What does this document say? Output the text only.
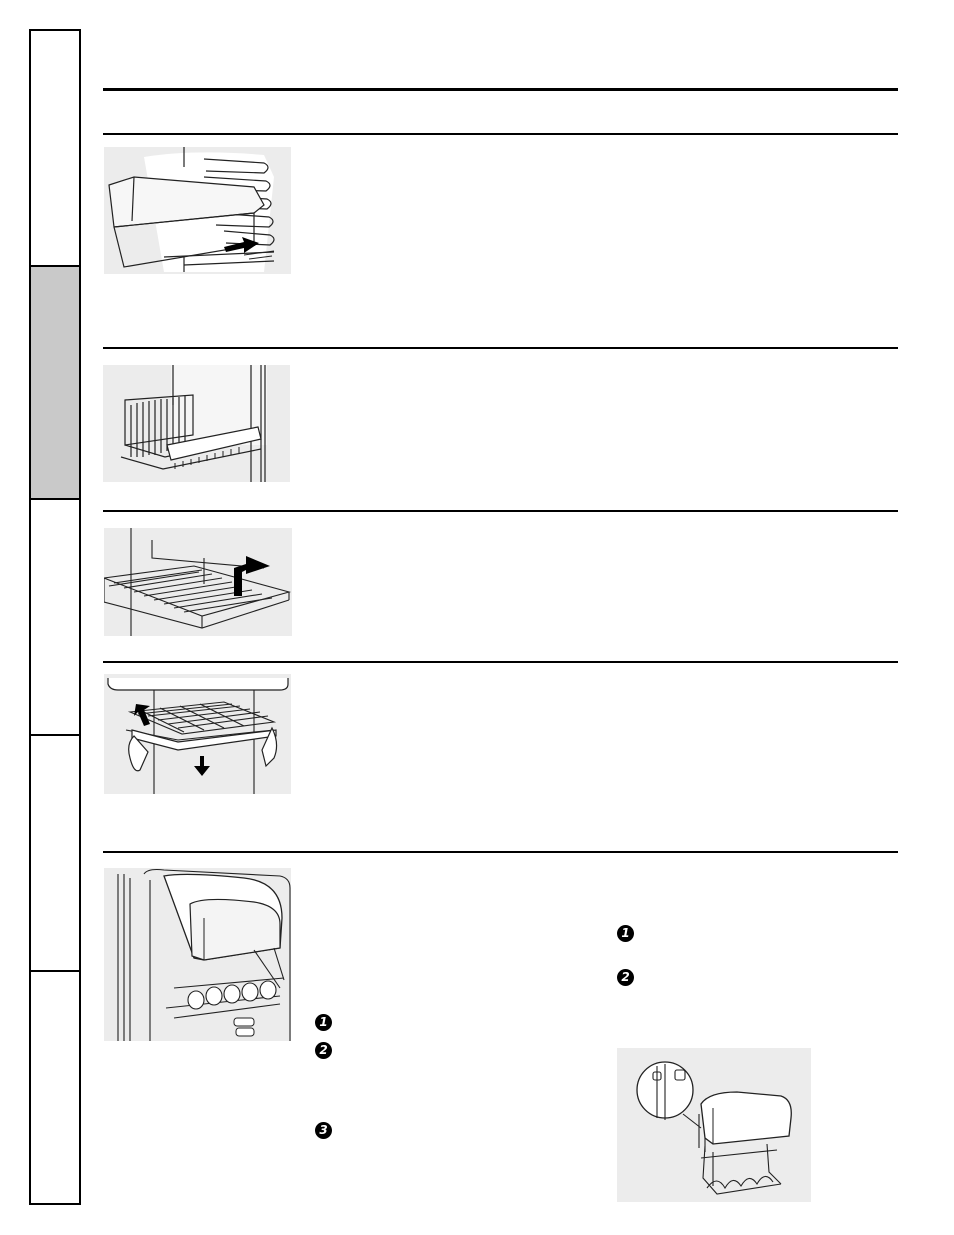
1
2
3
1
2
